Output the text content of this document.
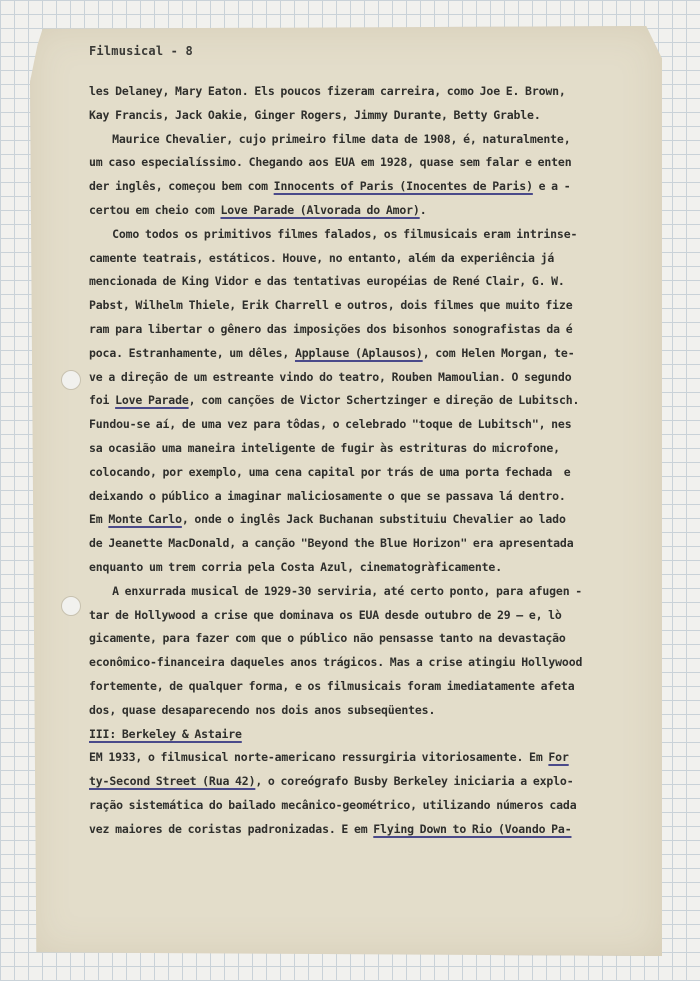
Filmusical - 8
les Delaney, Mary Eaton. Els poucos fizeram carreira, como Joe E. Brown,
Kay Francis, Jack Oakie, Ginger Rogers, Jimmy Durante, Betty Grable.
Maurice Chevalier, cujo primeiro filme data de 1908, é, naturalmente,
um caso especialíssimo. Chegando aos EUA em 1928, quase sem falar e enten
der inglês, começou bem com Innocents of Paris (Inocentes de Paris) e a -
certou em cheio com Love Parade (Alvorada do Amor).
Como todos os primitivos filmes falados, os filmusicais eram intrinse-
camente teatrais, estáticos. Houve, no entanto, além da experiência já
mencionada de King Vidor e das tentativas européias de René Clair, G. W.
Pabst, Wilhelm Thiele, Erik Charrell e outros, dois filmes que muito fize
ram para libertar o gênero das imposições dos bisonhos sonografistas da é
poca. Estranhamente, um dêles, Applause (Aplausos), com Helen Morgan, te-
ve a direção de um estreante vindo do teatro, Rouben Mamoulian. O segundo
foi Love Parade, com canções de Victor Schertzinger e direção de Lubitsch.
Fundou-se aí, de uma vez para tôdas, o celebrado "toque de Lubitsch", nes
sa ocasião uma maneira inteligente de fugir às estrituras do microfone,
colocando, por exemplo, uma cena capital por trás de uma porta fechada  e
deixando o público a imaginar maliciosamente o que se passava lá dentro.
Em Monte Carlo, onde o inglês Jack Buchanan substituiu Chevalier ao lado
de Jeanette MacDonald, a canção "Beyond the Blue Horizon" era apresentada
enquanto um trem corria pela Costa Azul, cinematogràficamente.
A enxurrada musical de 1929-30 serviria, até certo ponto, para afugen -
tar de Hollywood a crise que dominava os EUA desde outubro de 29 — e, lò
gicamente, para fazer com que o público não pensasse tanto na devastação
econômico-financeira daqueles anos trágicos. Mas a crise atingiu Hollywood
fortemente, de qualquer forma, e os filmusicais foram imediatamente afeta
dos, quase desaparecendo nos dois anos subseqüentes.
III: Berkeley & Astaire
EM 1933, o filmusical norte-americano ressurgiria vitoriosamente. Em For
ty-Second Street (Rua 42), o coreógrafo Busby Berkeley iniciaria a explo-
ração sistemática do bailado mecânico-geométrico, utilizando números cada
vez maiores de coristas padronizadas. E em Flying Down to Rio (Voando Pa-
